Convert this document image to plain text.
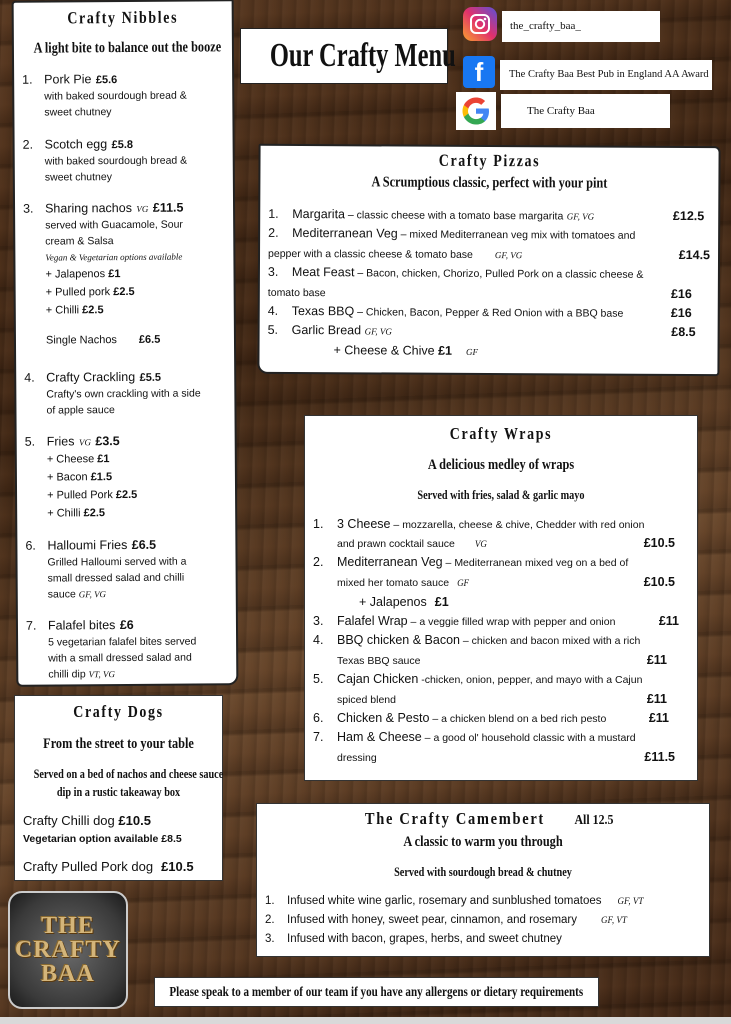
Crafty Nibbles
A light bite to balance out the booze
1. Pork Pie £5.6
with baked sourdough bread &
sweet chutney
2. Scotch egg £5.8
with baked sourdough bread &
sweet chutney
3. Sharing nachos VG £11.5
served with Guacamole, Sour
cream & Salsa
Vegan & Vegetarian options available
+ Jalapenos £1
+ Pulled pork £2.5
+ Chilli £2.5
Single Nachos £6.5
4. Crafty Crackling £5.5
Crafty's own crackling with a side
of apple sauce
5. Fries VG £3.5
+ Cheese £1
+ Bacon £1.5
+ Pulled Pork £2.5
+ Chilli £2.5
6. Halloumi Fries £6.5
Grilled Halloumi served with a
small dressed salad and chilli
sauce GF, VG
7. Falafel bites £6
5 vegetarian falafel bites served
with a small dressed salad and
chilli dip VT, VG
Our Crafty Menu
the_crafty_baa_
f	The Crafty Baa Best Pub in England AA Award
The Crafty Baa
Crafty Pizzas
A Scrumptious classic, perfect with your pint
1. Margarita – classic cheese with a tomato base margarita GF, VG	£12.5
2. Mediterranean Veg – mixed Mediterranean veg mix with tomatoes and
pepper with a classic cheese & tomato base GF, VG	£14.5
3. Meat Feast – Bacon, chicken, Chorizo, Pulled Pork on a classic cheese &
tomato base	£16
4. Texas BBQ – Chicken, Bacon, Pepper & Red Onion with a BBQ base	£16
5. Garlic Bread GF, VG	£8.5
+ Cheese & Chive £1 GF
Crafty Wraps
A delicious medley of wraps
Served with fries, salad & garlic mayo
1. 3 Cheese – mozzarella, cheese & chive, Chedder with red onion
and prawn cocktail sauce VG	£10.5
2. Mediterranean Veg – Mediterranean mixed veg on a bed of
mixed her tomato sauce GF	£10.5
+ Jalapenos £1
3. Falafel Wrap – a veggie filled wrap with pepper and onion	£11
4. BBQ chicken & Bacon – chicken and bacon mixed with a rich
Texas BBQ sauce	£11
5. Cajan Chicken -chicken, onion, pepper, and mayo with a Cajun
spiced blend	£11
6. Chicken & Pesto – a chicken blend on a bed rich pesto	£11
7. Ham & Cheese – a good ol' household classic with a mustard
dressing	£11.5
Crafty Dogs
From the street to your table
Served on a bed of nachos and cheese sauce
dip in a rustic takeaway box
Crafty Chilli dog £10.5
Vegetarian option available £8.5
Crafty Pulled Pork dog £10.5
The Crafty Camembert All 12.5
A classic to warm you through
Served with sourdough bread & chutney
1. Infused white wine garlic, rosemary and sunblushed tomatoes GF, VT
2. Infused with honey, sweet pear, cinnamon, and rosemary	GF, VT
3. Infused with bacon, grapes, herbs, and sweet chutney
THE
CRAFTY
BAA
Please speak to a member of our team if you have any allergens or dietary requirements
